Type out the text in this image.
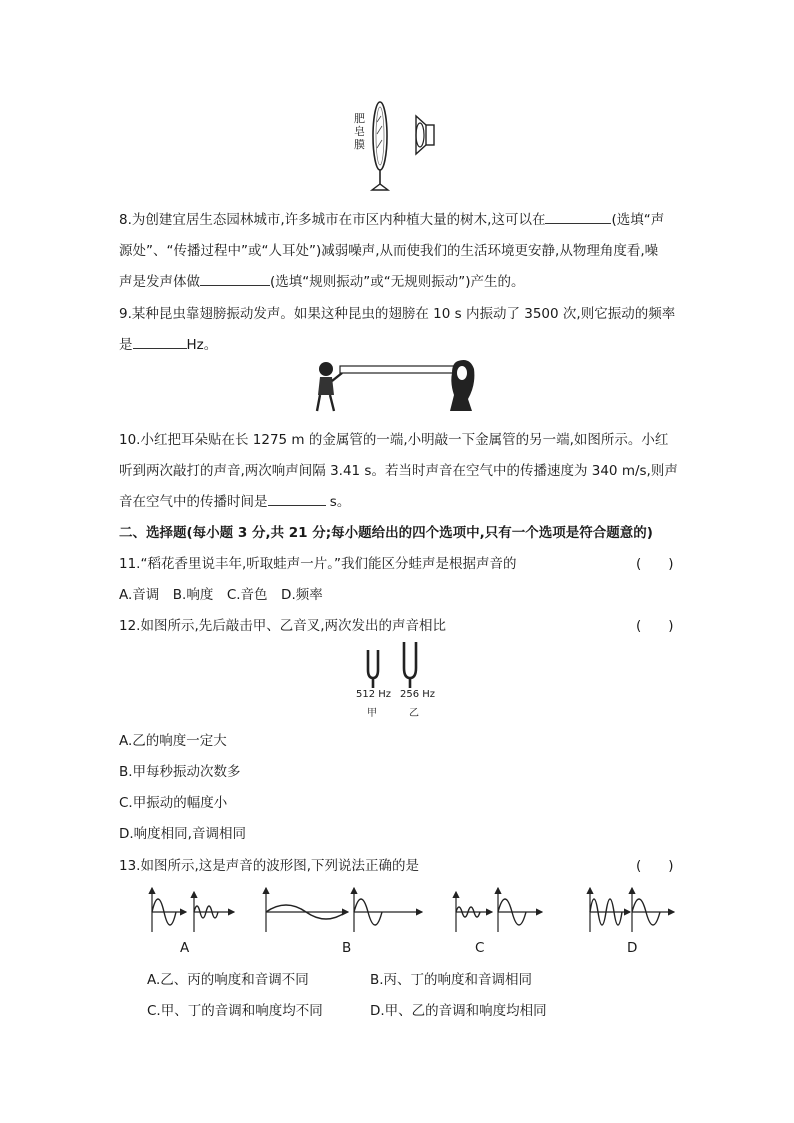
肥
皂
膜
8.为创建宜居生态园林城市,许多城市在市区内种植大量的树木,这可以在	(选填“声
源处”、“传播过程中”或“人耳处”)减弱噪声,从而使我们的生活环境更安静,从物理角度看,噪
声是发声体做	(选填“规则振动”或“无规则振动”)产生的。
9.某种昆虫靠翅膀振动发声。如果这种昆虫的翅膀在 10 s 内振动了 3500 次,则它振动的频率
是	Hz。
10.小红把耳朵贴在长 1275 m 的金属管的一端,小明敲一下金属管的另一端,如图所示。小红
听到两次敲打的声音,两次响声间隔 3.41 s。若当时声音在空气中的传播速度为 340 m/s,则声
音在空气中的传播时间是	s。
二、选择题(每小题 3 分,共 21 分;每小题给出的四个选项中,只有一个选项是符合题意的)
11.“稻花香里说丰年,听取蛙声一片。”我们能区分蛙声是根据声音的	(　　)
A.音调　B.响度　C.音色　D.频率
12.如图所示,先后敲击甲、乙音叉,两次发出的声音相比	(　　)
512 Hz 256 Hz
甲	乙
A.乙的响度一定大
B.甲每秒振动次数多
C.甲振动的幅度小
D.响度相同,音调相同
13.如图所示,这是声音的波形图,下列说法正确的是	(　　)
A	B	C	D
A.乙、丙的响度和音调不同	B.丙、丁的响度和音调相同
C.甲、丁的音调和响度均不同	D.甲、乙的音调和响度均相同
